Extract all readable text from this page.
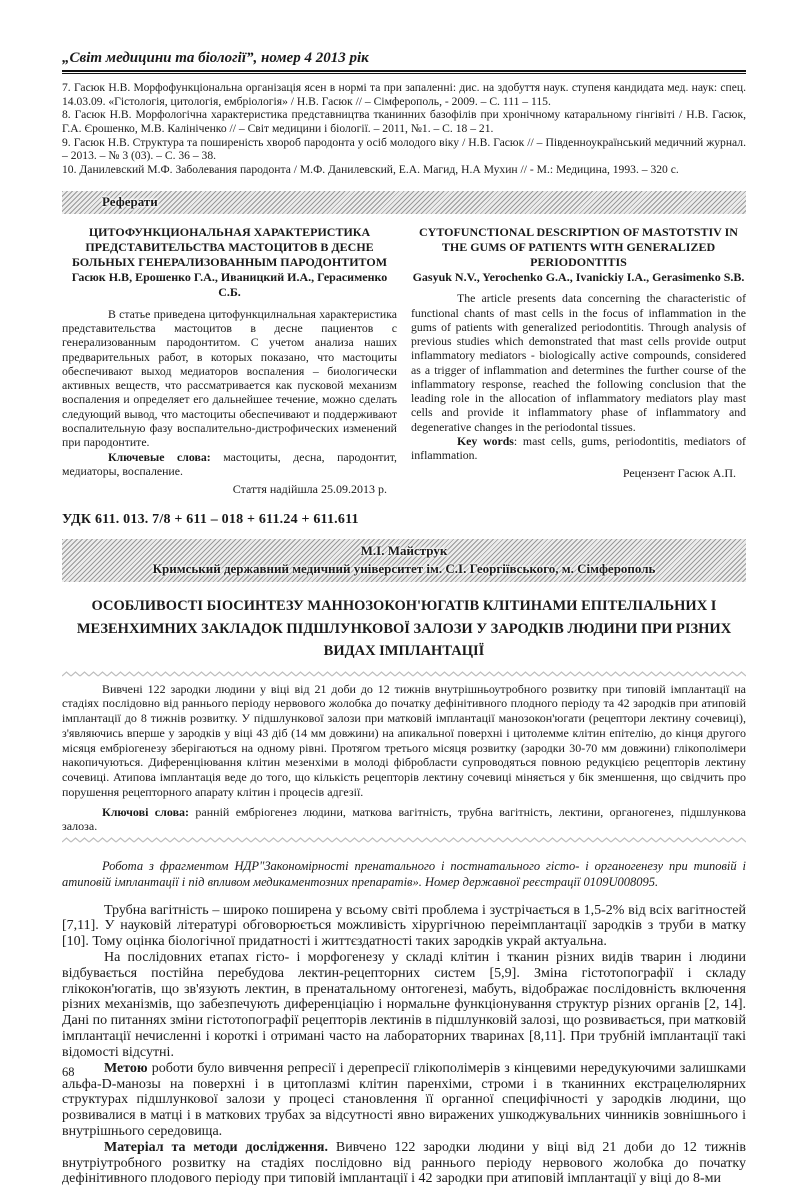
„Світ медицини та біології”, номер 4 2013 рік

7. Гасюк Н.В. Морфофункціональна організація ясен в нормі та при запаленні: дис. на здобуття наук. ступеня кандидата мед. наук: спец. 14.03.09. «Гістологія, цитологія, ембріологія» / Н.В. Гасюк // – Сімферополь, - 2009. – С. 111 – 115.

8. Гасюк Н.В. Морфологічна характеристика представництва тканинних базофілів при хронічному катаральному гінгівіті / Н.В. Гасюк, Г.А. Єрошенко, М.В. Калініченко // – Світ медицини і біології. – 2011, №1. – С. 18 – 21.

9. Гасюк Н.В. Структура та поширеність хвороб пародонта у осіб молодого віку / Н.В. Гасюк // – Південноукраїнський медичний журнал. – 2013. – № 3 (03). – С. 36 – 38.

10. Данилевский М.Ф. Заболевания пародонта / М.Ф. Данилевский, Е.А. Магид, Н.А Мухин // - М.: Медицина, 1993. – 320 с.

Реферати

ЦИТОФУНКЦИОНАЛЬНАЯ ХАРАКТЕРИСТИКА ПРЕДСТАВИТЕЛЬСТВА МАСТОЦИТОВ В ДЕСНЕ БОЛЬНЫХ ГЕНЕРАЛИЗОВАННЫМ ПАРОДОНТИТОМ

Гасюк Н.В, Ерошенко Г.А., Иваницкий И.А., Герасименко С.Б.

В статье приведена цитофункцилнальная характеристика представительства мастоцитов в десне пациентов с генерализованным пародонтитом. С учетом анализа наших предварительных работ, в которых показано, что мастоциты обеспечивают выход медиаторов воспаления – биологически активных веществ, что рассматривается как пусковой механизм воспаления и определяет его дальнейшее течение, можно сделать следующий вывод, что мастоциты обеспечивают и поддерживают воспалительную фазу воспалительно-дистрофических изменений при пародонтите.

Ключевые слова: мастоциты, десна, пародонтит, медиаторы, воспаление.

Стаття надійшла 25.09.2013 р.

CYTOFUNCTIONAL DESCRIPTION OF MASTOTSTIV IN THE GUMS OF PATIENTS WITH GENERALIZED PERIODONTITIS

Gasyuk N.V., Yerochenko G.A., Ivanickiy I.A., Gerasimenko S.B.

The article presents data concerning the characteristic of functional chants of mast cells in the focus of inflammation in the gums of patients with generalized periodontitis. Through analysis of previous studies which demonstrated that mast cells provide output inflammatory mediators - biologically active compounds, considered as a trigger of inflammation and determines the further course of the inflammatory response, reached the following conclusion that the leading role in the allocation of inflammatory mediators play mast cells and provide it inflammatory phase of inflammatory and degenerative changes in the periodontal tissues.

Key words: mast cells, gums, periodontitis, mediators of inflammation.

Рецензент Гасюк А.П.

УДК 611. 013. 7/8 + 611 – 018 + 611.24 + 611.611

М.І. Майструк
Кримський державний медичний університет ім. С.І. Георгіївського, м. Сімферополь
ОСОБЛИВОСТІ БІОСИНТЕЗУ МАННОЗОКОН'ЮГАТІВ КЛІТИНАМИ ЕПІТЕЛІАЛЬНИХ І МЕЗЕНХИМНИХ ЗАКЛАДОК ПІДШЛУНКОВОЇ ЗАЛОЗИ У ЗАРОДКІВ ЛЮДИНИ ПРИ РІЗНИХ ВИДАХ ІМПЛАНТАЦІЇ

Вивчені 122 зародки людини у віці від 21 доби до 12 тижнів внутрішньоутробного розвитку при типовій імплантації на стадіях послідовно від раннього періоду нервового жолобка до початку дефінітивного плодного періоду та 42 зародків при атиповій імплантації до 8 тижнів розвитку. У підшлункової залози при матковій імплантації манозокон'югати (рецептори лектину сочевиці), з'являючись вперше у зародків у віці 43 діб (14 мм довжини) на апикальної поверхні і цитолемме клітин епітелію, до кінця другого місяця ембріогенезу зберігаються на одному рівні. Протягом третього місяця розвитку (зародки 30-70 мм довжини) глікополімери накопичуються. Диференціювання клітин мезенхіми в молоді фібробласти супроводяться повною редукцією рецепторів лектину сочевиці. Атипова імплантація веде до того, що кількість рецепторів лектину сочевиці міняється у бік зменшення, що свідчить про порушення рецепторного апарату клітин і процесів адгезії.

Ключові слова: ранній ембріогенез людини, маткова вагітність, трубна вагітність, лектини, органогенез, підшлункова залоза.

Робота з фрагментом НДР"Закономірності пренатального і постнатального гісто- і органогенезу при типовій і атиповій імплантації і під впливом медикаментозних препаратів». Номер державної реєстрації 0109U008095.

Трубна вагітність – широко поширена у всьому світі проблема і зустрічається в 1,5-2% від всіх вагітностей [7,11]. У науковій літературі обговорюється можливість хірургічною переімплантації зародків з труби в матку [10]. Тому оцінка біологічної придатності і життєздатності таких зародків украй актуальна.

На послідовних етапах гісто- і морфогенезу у складі клітин і тканин різних видів тварин і людини відбувається постійна перебудова лектин-рецепторних систем [5,9]. Зміна гістотопографії і складу глікокон'югатів, що зв'язують лектин, в пренатальному онтогенезі, мабуть, відображає послідовність включення різних механізмів, що забезпечують диференціацію і нормальне функціонування структур різних органів [2, 14]. Дані по питаннях зміни гістотопографії рецепторів лектинів в підшлунковій залозі, що розвивається, при матковій імплантації нечисленні і короткі і отримані часто на лабораторних тваринах [8,11]. При трубній імплантації такі відомості відсутні.

Метою роботи було вивчення репресії і дерепресії глікополімерів з кінцевими нередукуючими залишками альфа-D-манозы на поверхні і в цитоплазмі клітин паренхіми, строми і в тканинних екстрацелюлярних структурах підшлункової залози у процесі становлення її органної специфічності у зародків людини, що розвивалися в матці і в маткових трубах за відсутності явно виражених ушкоджувальних чинників зовнішнього і внутрішнього середовища.

Матеріал та методи дослідження. Вивчено 122 зародки людини у віці від 21 доби до 12 тижнів внутріутробного розвитку на стадіях послідовно від раннього періоду нервового жолобка до початку дефінітивного плодового періоду при типовій імплантації і 42 зародки при атиповій імплантації у віці до 8-ми

68
